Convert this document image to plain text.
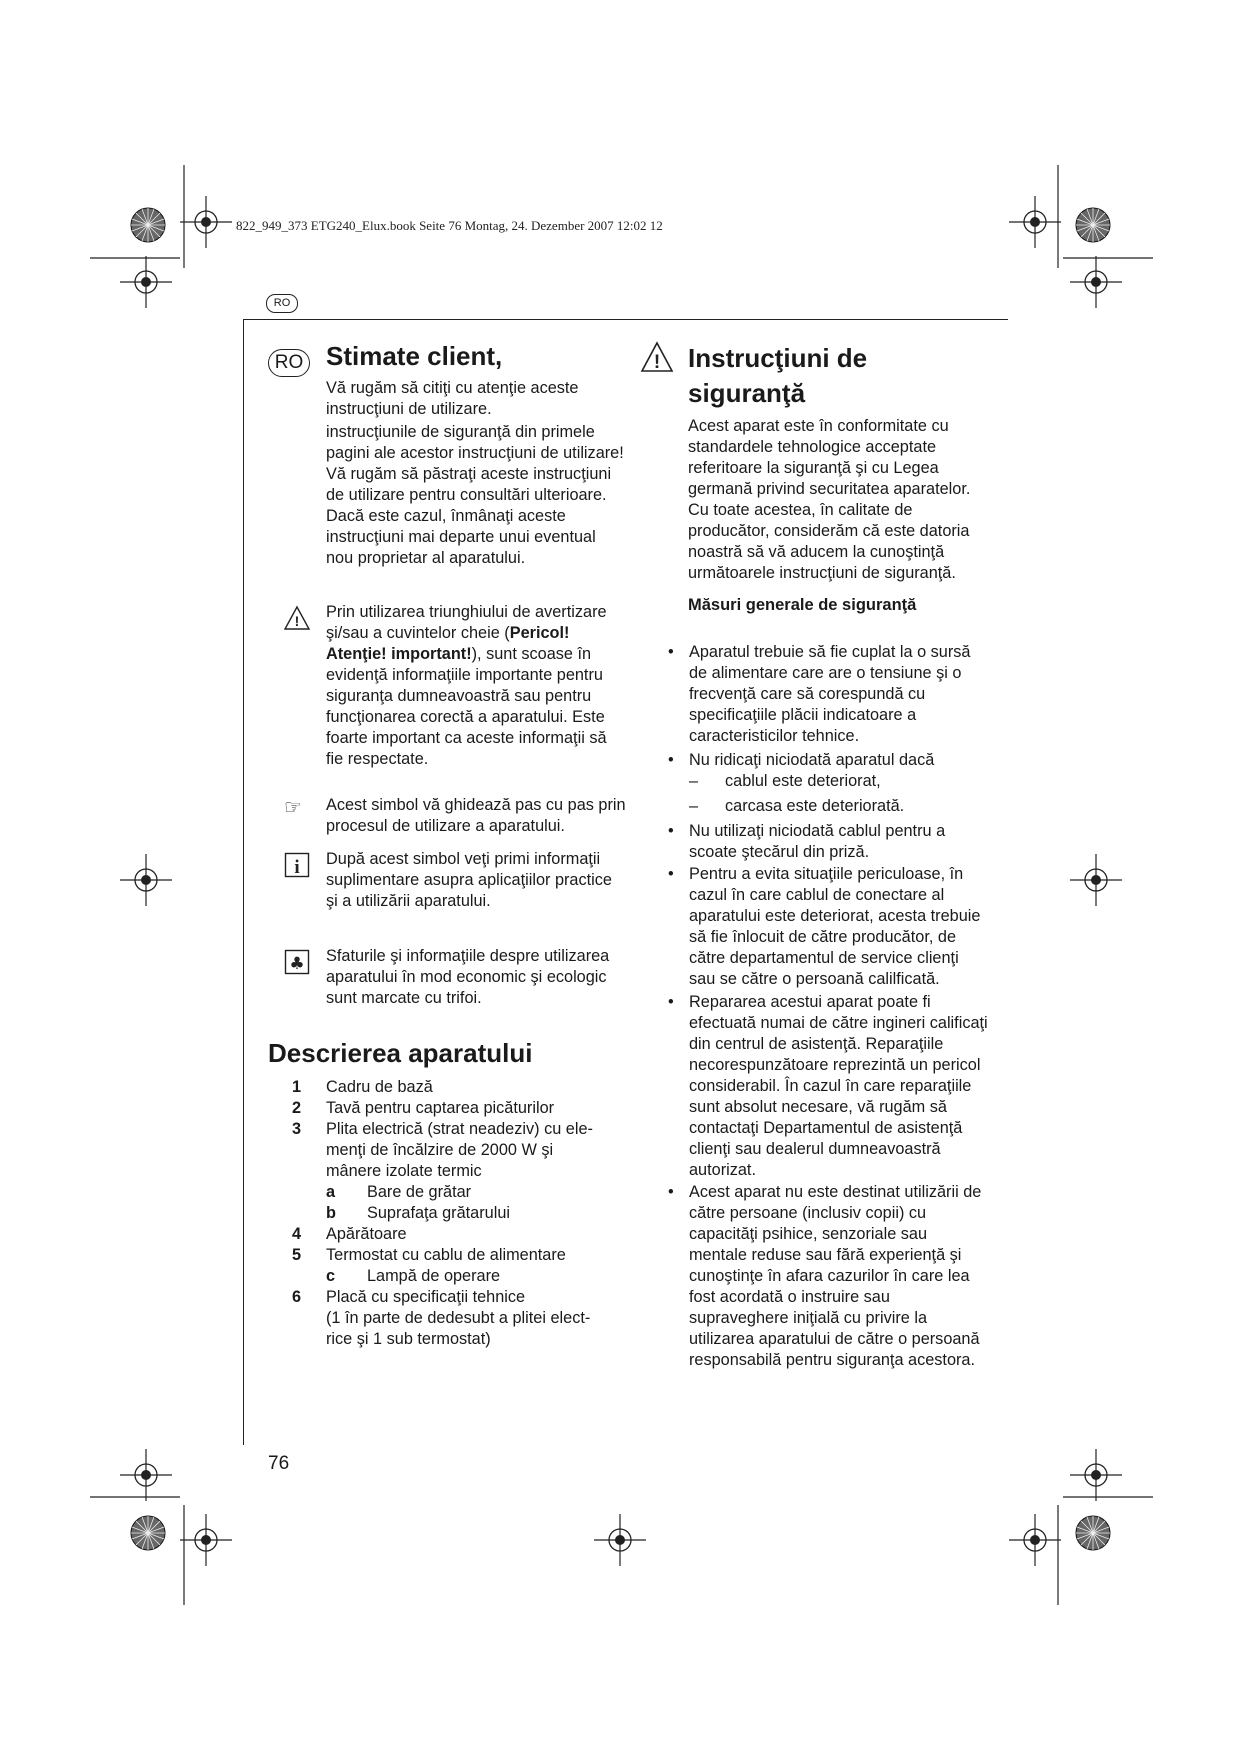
822_949_373 ETG240_Elux.book Seite 76 Montag, 24. Dezember 2007 12:02 12
RO
RO Stimate client,

Vă rugăm să citiţi cu atenţie aceste instrucţiuni de utilizare.

instrucţiunile de siguranţă din primele pagini ale acestor instrucţiuni de utilizare! Vă rugăm să păstraţi aceste instrucţiuni de utilizare pentru consultări ulterioare. Dacă este cazul, înmânaţi aceste instrucţiuni mai departe unui eventual nou proprietar al aparatului.

! Prin utilizarea triunghiului de avertizare şi/sau a cuvintelor cheie (Pericol! Atenţie! important!), sunt scoase în evidenţă informaţiile importante pentru siguranţa dumneavoastră sau pentru funcţionarea corectă a aparatului. Este foarte important ca aceste informaţii să fie respectate.
☞	Acest simbol vă ghidează pas cu pas prin procesul de utilizare a aparatului.
i După acest simbol veţi primi informaţii suplimentare asupra aplicaţiilor practice şi a utilizării aparatului.
♣ Sfaturile şi informaţiile despre utilizarea aparatului în mod economic şi ecologic sunt marcate cu trifoi.
Descrierea aparatului
1	Cadru de bază
2	Tavă pentru captarea picăturilor
3	Plita electrică (strat neadeziv) cu ele-
menţi de încălzire de 2000 W şi
mânere izolate termic
a Bare de grătar
b Suprafaţa grătarului
4	Apărătoare
5	Termostat cu cablu de alimentare
c Lampă de operare
6	Placă cu specificaţii tehnice
(1 în parte de dedesubt a plitei elect-
rice şi 1 sub termostat)
! Instrucţiuni de siguranţă

Acest aparat este în conformitate cu standardele tehnologice acceptate referitoare la siguranţă şi cu Legea germană privind securitatea aparatelor. Cu toate acestea, în calitate de producător, considerăm că este datoria noastră să vă aducem la cunoştinţă următoarele instrucţiuni de siguranţă.

Măsuri generale de siguranţă

• Aparatul trebuie să fie cuplat la o sursă de alimentare care are o tensiune şi o frecvenţă care să corespundă cu specificaţiile plăcii indicatoare a caracteristicilor tehnice.
• Nu ridicaţi niciodată aparatul dacă
– cablul este deteriorat,
– carcasa este deteriorată.
• Nu utilizaţi niciodată cablul pentru a scoate ştecărul din priză.
• Pentru a evita situaţiile periculoase, în cazul în care cablul de conectare al aparatului este deteriorat, acesta trebuie să fie înlocuit de către producător, de către departamentul de service clienţi sau se către o persoană calilficată.
• Repararea acestui aparat poate fi efectuată numai de către ingineri calificaţi din centrul de asistenţă. Reparaţiile necorespunzătoare reprezintă un pericol considerabil. În cazul în care reparaţiile sunt absolut necesare, vă rugăm să contactaţi Departamentul de asistenţă clienţi sau dealerul dumneavoastră autorizat.
• Acest aparat nu este destinat utilizării de către persoane (inclusiv copii) cu capacităţi psihice, senzoriale sau mentale reduse sau fără experienţă şi cunoştinţe în afara cazurilor în care lea fost acordată o instruire sau supraveghere iniţială cu privire la utilizarea aparatului de către o persoană responsabilă pentru siguranţa acestora.
76
